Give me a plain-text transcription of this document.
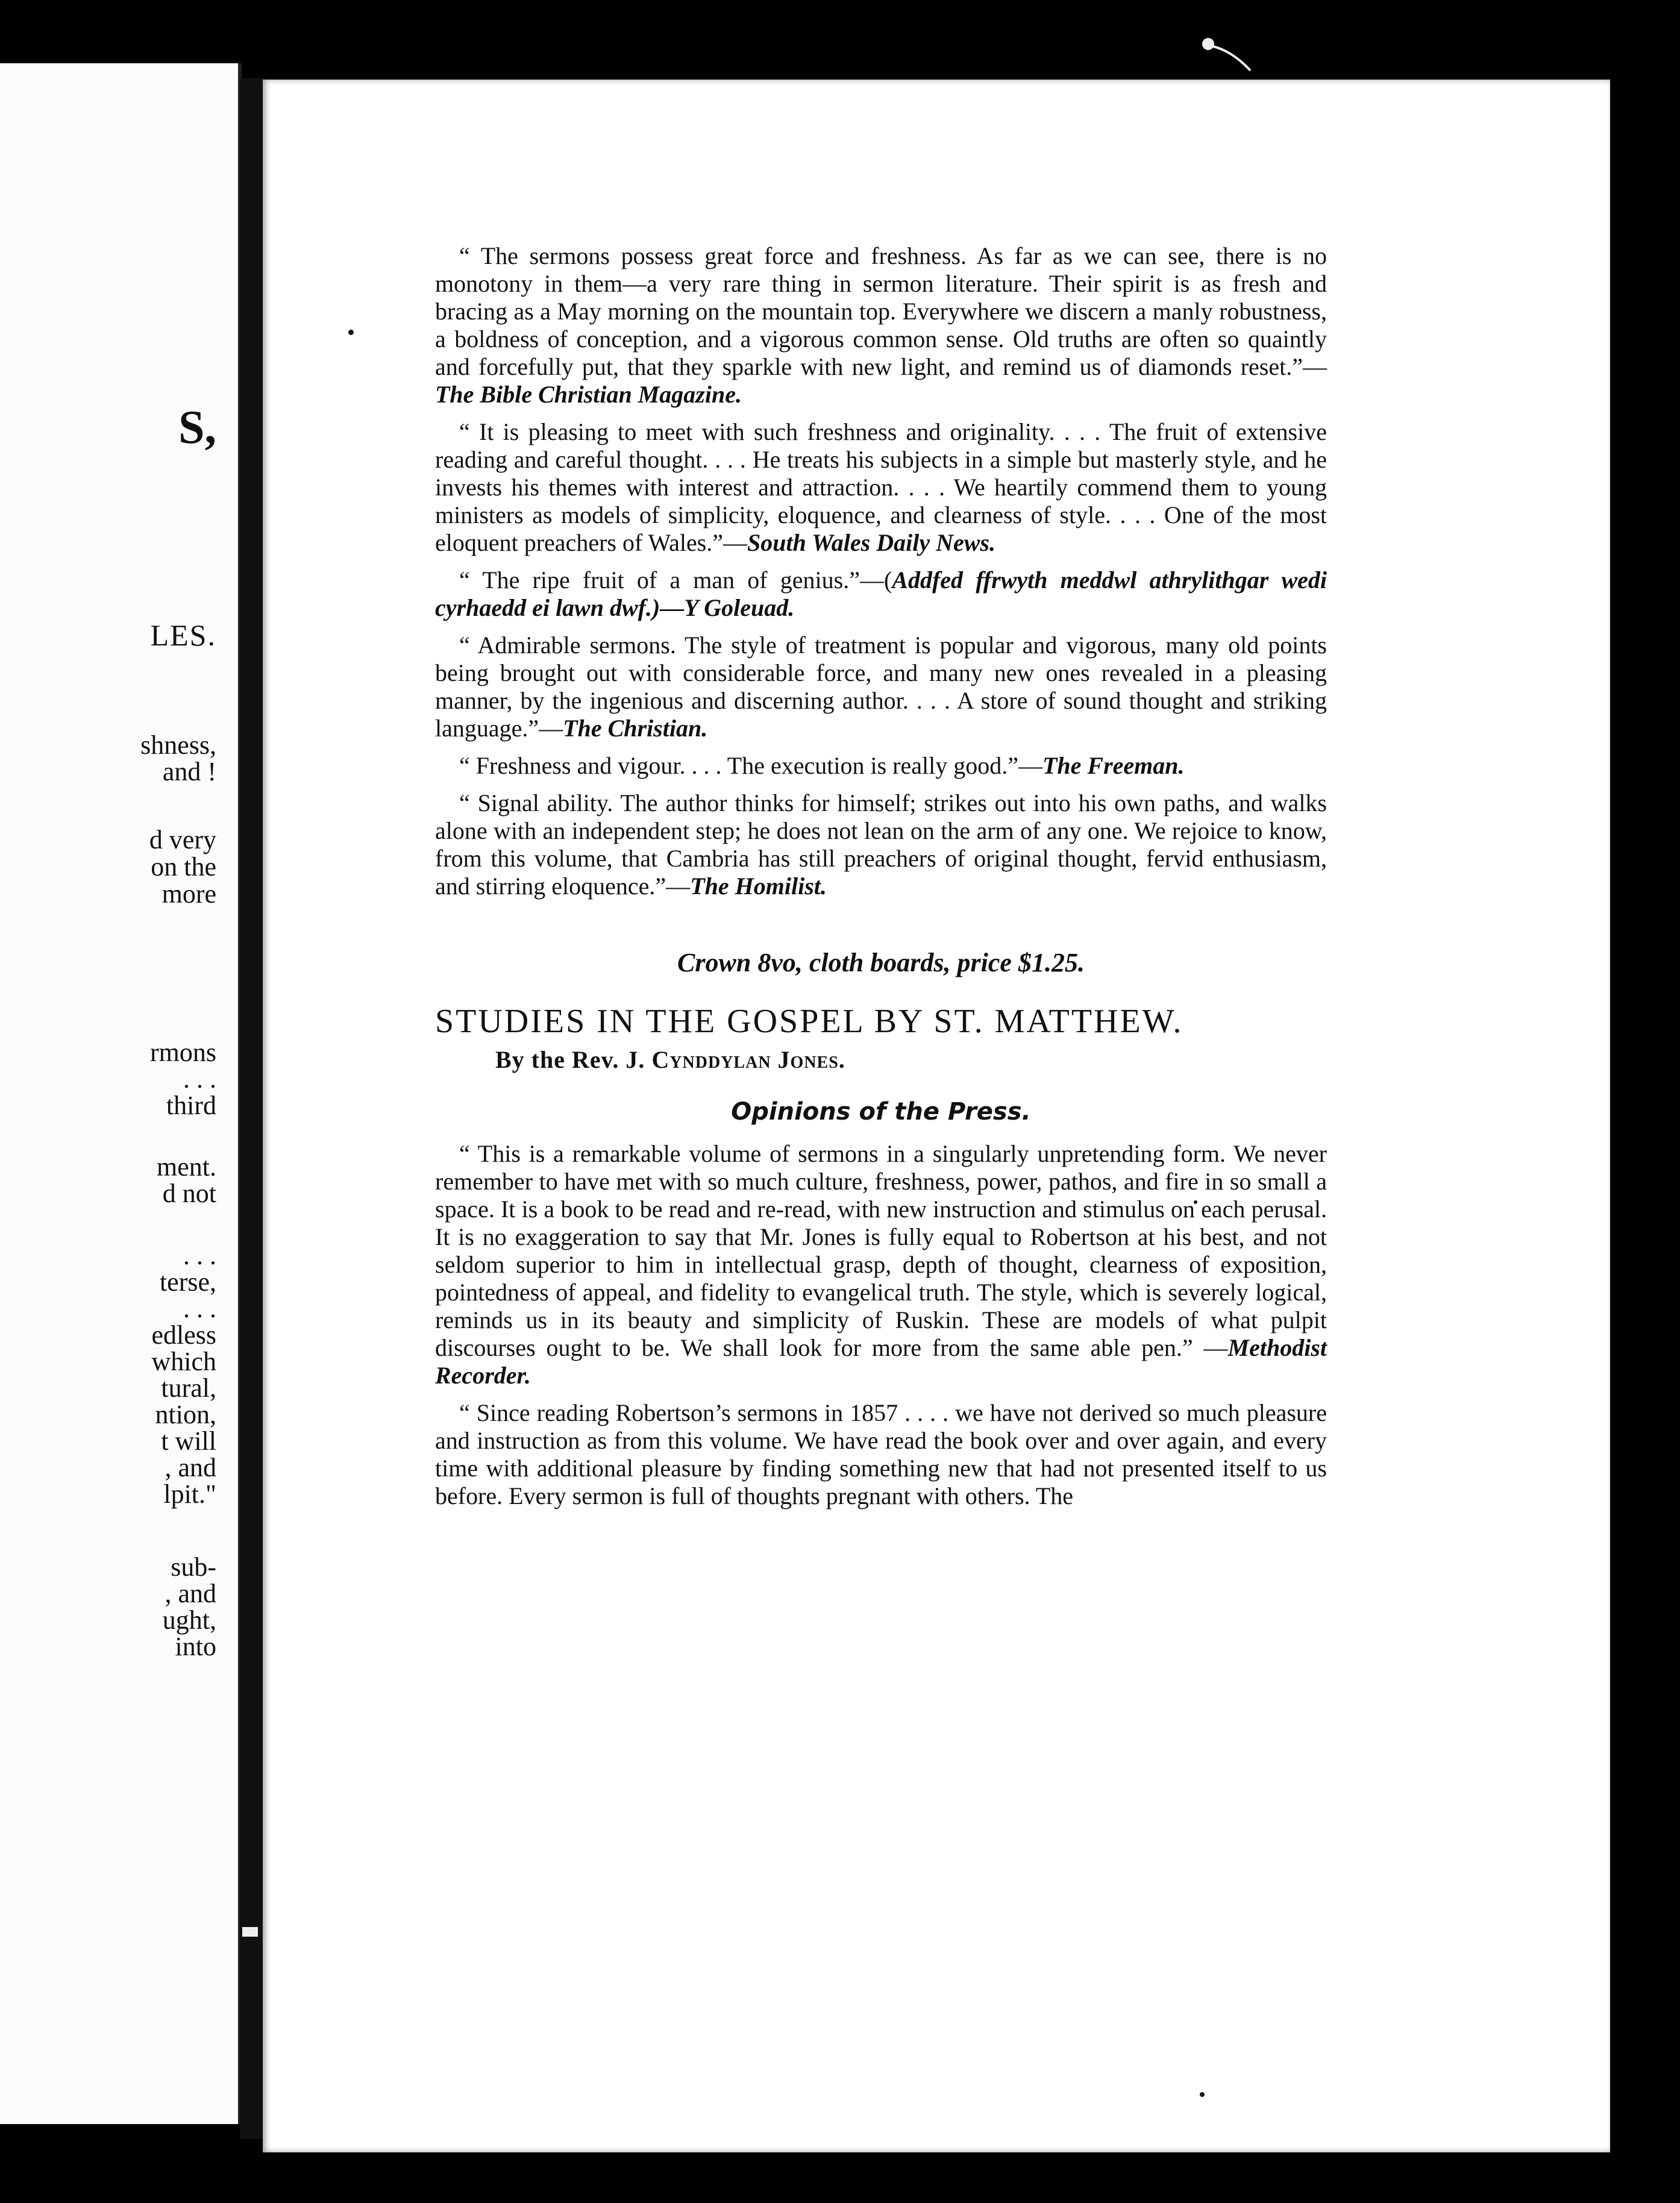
S,
LES.
shness,
and !
d very
on the
more
rmons
. . .
third
ment.
d not
. . .
terse,
. . .
edless
which
tural,
ntion,
t will
, and
lpit."
sub-
, and
ught,
into

“ The sermons possess great force and freshness. As far as we can see, there is no monotony in them—a very rare thing in sermon literature. Their spirit is as fresh and bracing as a May morning on the mountain top. Everywhere we discern a manly robustness, a boldness of conception, and a vigorous common sense. Old truths are often so quaintly and forcefully put, that they sparkle with new light, and remind us of diamonds reset.”—The Bible Christian Magazine.

“ It is pleasing to meet with such freshness and originality. . . . The fruit of extensive reading and careful thought. . . . He treats his subjects in a simple but masterly style, and he invests his themes with interest and attraction. . . . We heartily commend them to young ministers as models of simplicity, eloquence, and clearness of style. . . . One of the most eloquent preachers of Wales.”—South Wales Daily News.

“ The ripe fruit of a man of genius.”—(Addfed ffrwyth meddwl athrylithgar wedi cyrhaedd ei lawn dwf.)—Y Goleuad.

“ Admirable sermons. The style of treatment is popular and vigorous, many old points being brought out with considerable force, and many new ones revealed in a pleasing manner, by the ingenious and discerning author. . . . A store of sound thought and striking language.”—The Christian.

“ Freshness and vigour. . . . The execution is really good.”—The Freeman.

“ Signal ability. The author thinks for himself; strikes out into his own paths, and walks alone with an independent step; he does not lean on the arm of any one. We rejoice to know, from this volume, that Cambria has still preachers of original thought, fervid enthusiasm, and stirring eloquence.”—The Homilist.

Crown 8vo, cloth boards, price $1.25.
STUDIES IN THE GOSPEL BY ST. MATTHEW.
By the Rev. J. Cynddylan Jones.
Opinions of the Press.

“ This is a remarkable volume of sermons in a singularly unpretending form. We never remember to have met with so much culture, freshness, power, pathos, and fire in so small a space. It is a book to be read and re-read, with new instruction and stimulus on each perusal. It is no exaggeration to say that Mr. Jones is fully equal to Robertson at his best, and not seldom superior to him in intellectual grasp, depth of thought, clearness of exposition, pointedness of appeal, and fidelity to evangelical truth. The style, which is severely logical, reminds us in its beauty and simplicity of Ruskin. These are models of what pulpit discourses ought to be. We shall look for more from the same able pen.” —Methodist Recorder.

“ Since reading Robertson’s sermons in 1857 . . . . we have not derived so much pleasure and instruction as from this volume. We have read the book over and over again, and every time with additional pleasure by finding something new that had not presented itself to us before. Every sermon is full of thoughts pregnant with others. The
